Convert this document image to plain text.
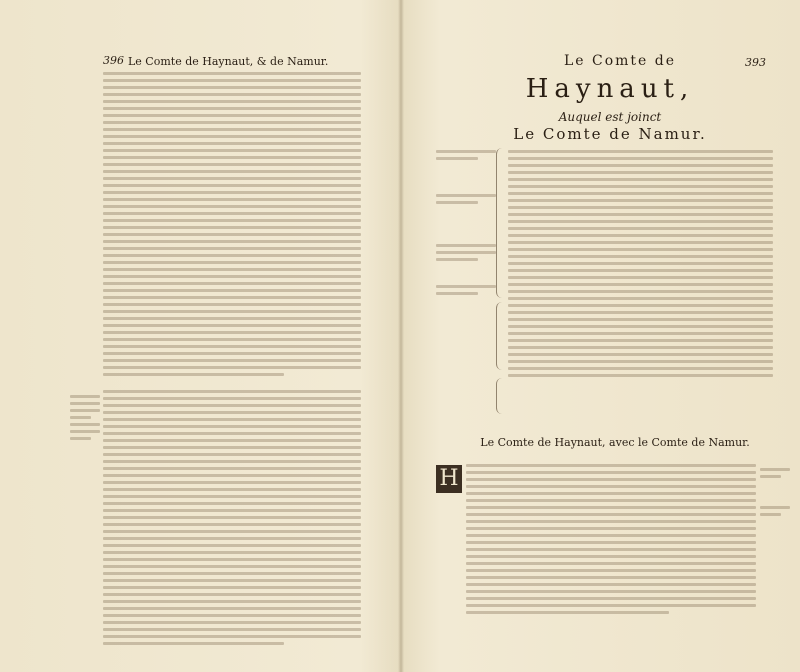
396 Le Comte de Haynaut, & de Namur.	393
Le Comte de
Haynaut,
Auquel est joinct
Le Comte de Namur.
Le Comte de Haynaut, avec le Comte de Namur.
H
